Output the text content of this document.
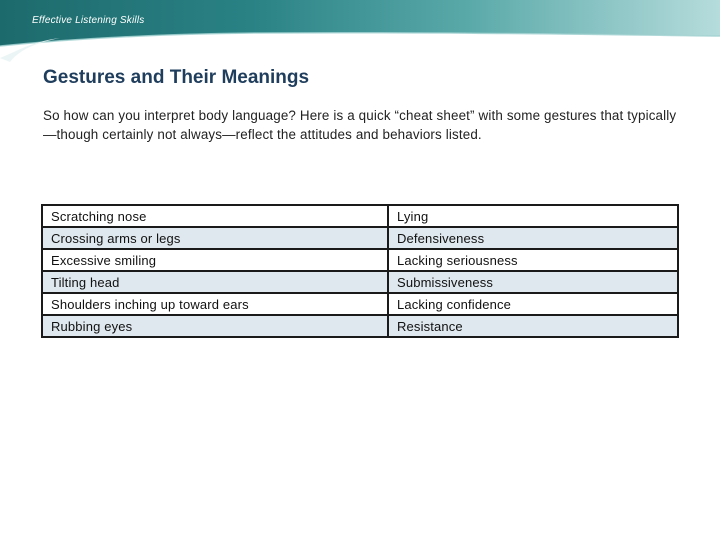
Effective Listening Skills
Gestures and Their Meanings
So how can you interpret body language? Here is a quick “cheat sheet” with some gestures that typically—though certainly not always—reflect the attitudes and behaviors listed.
Scratching nose	Lying
Crossing arms or legs	Defensiveness
Excessive smiling	Lacking seriousness
Tilting head	Submissiveness
Shoulders inching up toward ears	Lacking confidence
Rubbing eyes	Resistance
